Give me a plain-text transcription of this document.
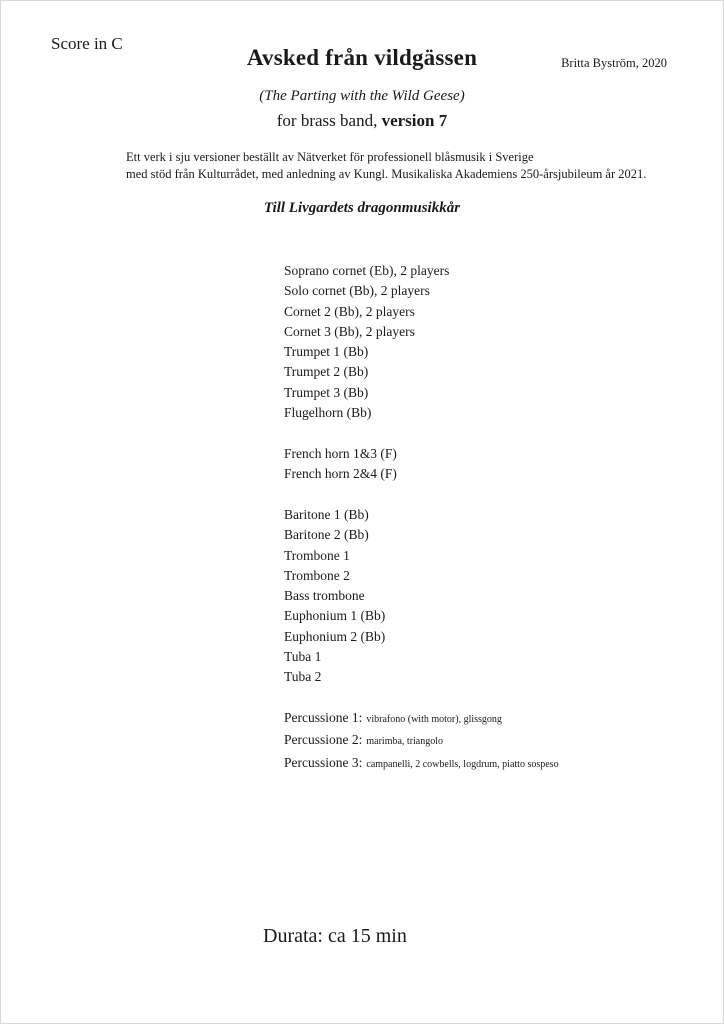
Score in C
Avsked från vildgässen	Britta Byström, 2020
(The Parting with the Wild Geese)
for brass band, version 7
Ett verk i sju versioner beställt av Nätverket för professionell blåsmusik i Sverige
med stöd från Kulturrådet, med anledning av Kungl. Musikaliska Akademiens 250-årsjubileum år 2021.
Till Livgardets dragonmusikkår
Soprano cornet (Eb), 2 players
Solo cornet (Bb), 2 players
Cornet 2 (Bb), 2 players
Cornet 3 (Bb), 2 players
Trumpet 1 (Bb)
Trumpet 2 (Bb)
Trumpet 3 (Bb)
Flugelhorn (Bb)
French horn 1&3 (F)
French horn 2&4 (F)
Baritone 1 (Bb)
Baritone 2 (Bb)
Trombone 1
Trombone 2
Bass trombone
Euphonium 1 (Bb)
Euphonium 2 (Bb)
Tuba 1
Tuba 2
Percussione 1: vibrafono (with motor), glissgong
Percussione 2: marimba, triangolo
Percussione 3: campanelli, 2 cowbells, logdrum, piatto sospeso
Durata: ca 15 min
